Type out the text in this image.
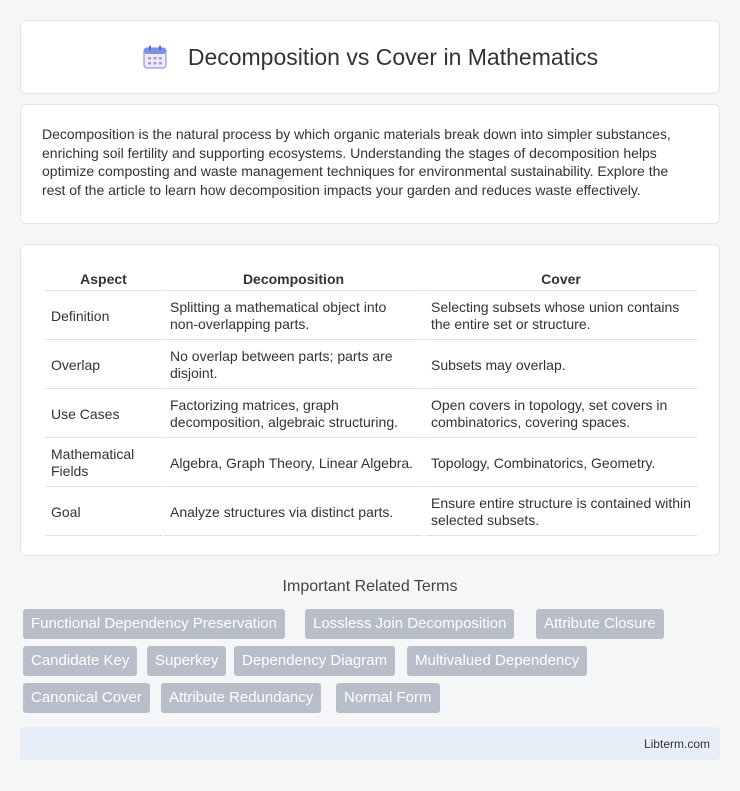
Decomposition vs Cover in Mathematics

Decomposition is the natural process by which organic materials break down into simpler substances, enriching soil fertility and supporting ecosystems. Understanding the stages of decomposition helps optimize composting and waste management techniques for environmental sustainability. Explore the rest of the article to learn how decomposition impacts your garden and reduces waste effectively.

Aspect	Decomposition	Cover
Definition	Splitting a mathematical object into non-overlapping parts.	Selecting subsets whose union contains the entire set or structure.
Overlap	No overlap between parts; parts are disjoint.	Subsets may overlap.
Use Cases	Factorizing matrices, graph decomposition, algebraic structuring.	Open covers in topology, set covers in combinatorics, covering spaces.
Mathematical Fields	Algebra, Graph Theory, Linear Algebra.	Topology, Combinatorics, Geometry.
Goal	Analyze structures via distinct parts.	Ensure entire structure is contained within selected subsets.
Important Related Terms
Functional Dependency Preservation	Lossless Join Decomposition	Attribute Closure
Candidate Key	Superkey	Dependency Diagram	Multivalued Dependency
Canonical Cover	Attribute Redundancy	Normal Form
Libterm.com
